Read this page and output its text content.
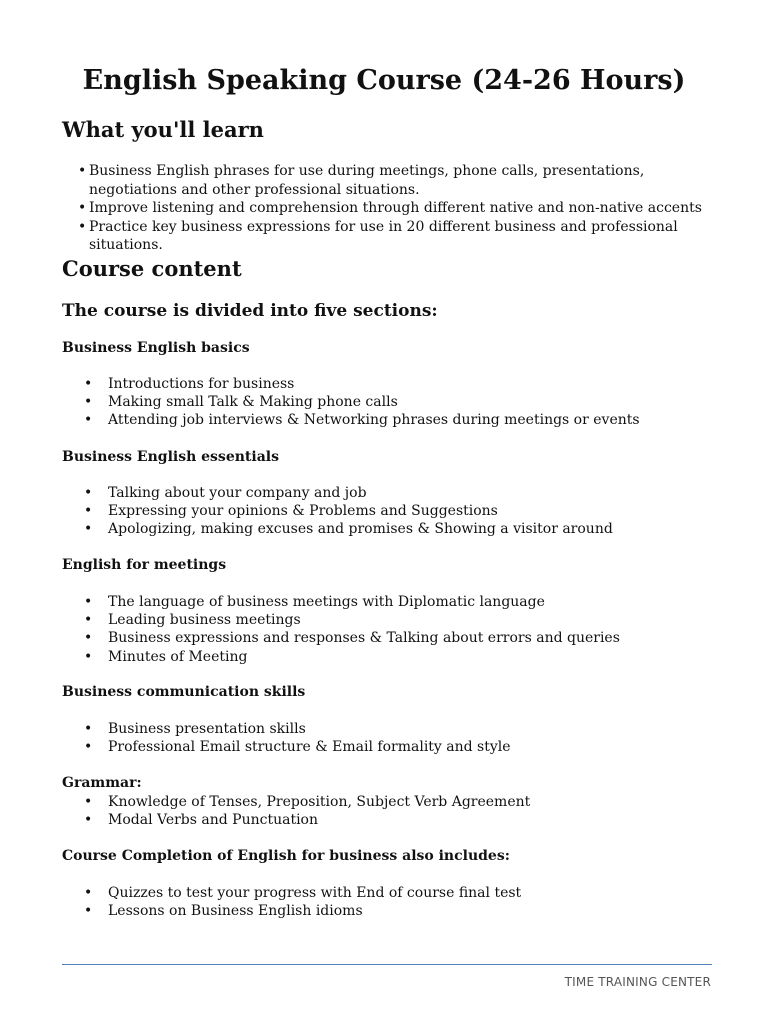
English Speaking Course (24-26 Hours)
What you'll learn
• Business English phrases for use during meetings, phone calls, presentations, negotiations and other professional situations.
• Improve listening and comprehension through different native and non-native accents
• Practice key business expressions for use in 20 different business and professional situations.
Course content
The course is divided into five sections:
Business English basics
• Introductions for business
• Making small Talk & Making phone calls
• Attending job interviews & Networking phrases during meetings or events
Business English essentials
• Talking about your company and job
• Expressing your opinions & Problems and Suggestions
• Apologizing, making excuses and promises & Showing a visitor around
English for meetings
• The language of business meetings with Diplomatic language
• Leading business meetings
• Business expressions and responses & Talking about errors and queries
• Minutes of Meeting
Business communication skills
• Business presentation skills
• Professional Email structure & Email formality and style
Grammar:
• Knowledge of Tenses, Preposition, Subject Verb Agreement
• Modal Verbs and Punctuation
Course Completion of English for business also includes:
• Quizzes to test your progress with End of course final test
• Lessons on Business English idioms

TIME TRAINING CENTER
